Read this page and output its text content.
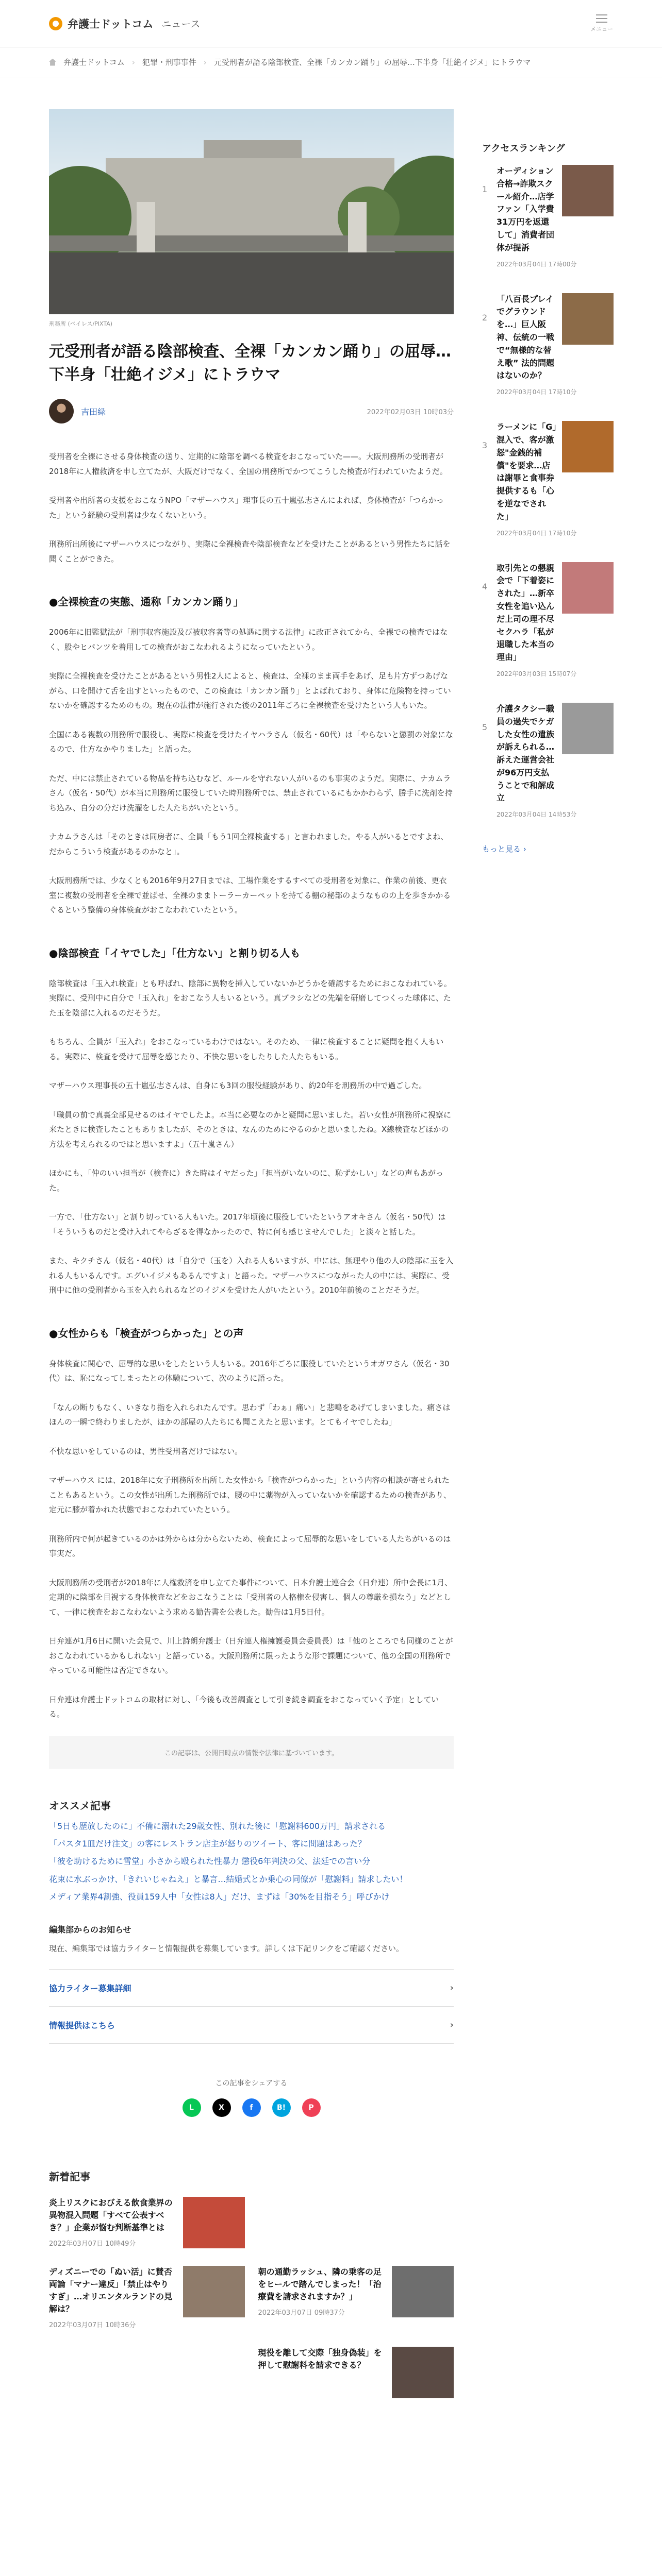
弁護士ドットコム ニュース	メニュー
弁護士ドットコム › 犯罪・刑事事件 › 元受刑者が語る陰部検査、全裸「カンカン踊り」の屈辱…下半身「壮絶イジメ」にトラウマ
刑務所 (ペイレス/PIXTA)
元受刑者が語る陰部検査、全裸「カンカン踊り」の屈辱…下半身「壮絶イジメ」にトラウマ
吉田緑	2022年02月03日 10時03分

受刑者を全裸にさせる身体検査の送り、定期的に陰部を調べる検査をおこなっていた——。大阪刑務所の受刑者が2018年に人権救済を申し立てたが、大阪だけでなく、全国の刑務所でかつてこうした検査が行われていたようだ。

受刑者や出所者の支援をおこなうNPO「マザーハウス」理事長の五十嵐弘志さんによれば、身体検査が「つらかった」という経験の受刑者は少なくないという。

刑務所出所後にマザーハウスにつながり、実際に全裸検査や陰部検査などを受けたことがあるという男性たちに話を聞くことができた。

●全裸検査の実態、通称「カンカン踊り」

2006年に旧監獄法が「刑事収容施設及び被収容者等の処遇に関する法律」に改正されてから、全裸での検査ではなく、股やヒパンツを着用しての検査がおこなわれるようになっていたという。

実際に全裸検査を受けたことがあるという男性2人によると、検査は、全裸のまま両手をあげ、足も片方ずつあげながら、口を開けて舌を出すといったもので、この検査は「カンカン踊り」とよばれており、身体に危険物を持っていないかを確認するためのもの。現在の法律が施行された後の2011年ごろに全裸検査を受けたという人もいた。

全国にある複数の刑務所で服役し、実際に検査を受けたイヤハラさん（仮名・60代）は「やらないと懲罰の対象になるので、仕方なかやりました」と語った。

ただ、中には禁止されている物品を持ち込むなど、ルールを守れない人がいるのも事実のようだ。実際に、ナカムラさん（仮名・50代）が本当に刑務所に服役していた時刑務所では、禁止されているにもかかわらず、勝手に洗剤を持ち込み、自分の分だけ洗濯をした人たちがいたという。

ナカムラさんは「そのときは同房者に、全員「もう1回全裸検査する」と言われました。やる人がいるとですよね、だからこういう検査があるのかなと」。

大阪刑務所では、少なくとも2016年9月27日までは、工場作業をするすべての受刑者を対象に、作業の前後、更衣室に複数の受刑者を全裸で並ばせ、全裸のままトーラーカーペットを持てる棚の秘部のようなものの上を歩きかかるぐるという整備の身体検査がおこなわれていたという。

●陰部検査「イヤでした」「仕方ない」と割り切る人も

陰部検査は「玉入れ検査」とも呼ばれ、陰部に異物を挿入していないかどうかを確認するためにおこなわれている。実際に、受刑中に自分で「玉入れ」をおこなう人もいるという。真ブラシなどの先端を研磨してつくった球体に、たた玉を陰部に入れるのだそうだ。

もちろん、全員が「玉入れ」をおこなっているわけではない。そのため、一律に検査することに疑問を抱く人もいる。実際に、検査を受けて屈辱を感じたり、不快な思いをしたりした人たちもいる。

マザーハウス理事長の五十嵐弘志さんは、自身にも3回の服役経験があり、約20年を刑務所の中で過ごした。

「職員の前で真裏全部見せるのはイヤでしたよ。本当に必要なのかと疑問に思いました。若い女性が刑務所に視察に来たときに検査したこともありましたが、そのときは、なんのためにやるのかと思いましたね。X線検査などほかの方法を考えられるのではと思いますよ」（五十嵐さん）

ほかにも、「仲のいい担当が（検査に）きた時はイヤだった」「担当がいないのに、恥ずかしい」などの声もあがった。

一方で、「仕方ない」と割り切っている人もいた。2017年頃後に服役していたというアオキさん（仮名・50代）は「そういうものだと受け入れてやらざるを得なかったので、特に何も感じませんでした」と淡々と話した。

また、キクチさん（仮名・40代）は「自分で（玉を）入れる人もいますが、中には、無理やり他の人の陰部に玉を入れる人もいるんです。エグいイジメもあるんですよ」と語った。マザーハウスにつながった人の中には、実際に、受刑中に他の受刑者から玉を入れられるなどのイジメを受けた人がいたという。2010年前後のことだそうだ。

●女性からも「検査がつらかった」との声

身体検査に関心で、屈辱的な思いをしたという人もいる。2016年ごろに服役していたというオガワさん（仮名・30代）は、恥になってしまったとの体験について、次のように語った。

「なんの断りもなく、いきなり指を入れられたんです。思わず「わぁ」痛い」と悲鳴をあげてしまいました。痛さはほんの一瞬で終わりましたが、ほかの部屋の人たちにも聞こえたと思います。とてもイヤでしたね」

不快な思いをしているのは、男性受刑者だけではない。

マザーハウス には、2018年に女子刑務所を出所した女性から「検査がつらかった」という内容の相談が寄せられたこともあるという。この女性が出所した刑務所では、腰の中に薬物が入っていないかを確認するための検査があり、定元に膝が着かれた状態でおこなわれていたという。

刑務所内で何が起きているのかは外からは分からないため、検査によって屈辱的な思いをしている人たちがいるのは事実だ。

大阪刑務所の受刑者が2018年に人権救済を申し立てた事件について、日本弁護士連合会（日弁連）所中会長に1月、定期的に陰部を目視する身体検査などをおこなうことは「受刑者の人格権を侵害し、個人の尊厳を損なう」などとして、一律に検査をおこなわないよう求める勧告書を公表した。勧告は1月5日付。

日弁連が1月6日に開いた会見で、川上詩朗弁護士（日弁連人権擁護委員会委員長）は「他のところでも同様のことがおこなわれているかもしれない」と語っている。大阪刑務所に限ったような形で課題について、他の全国の刑務所でやっている可能性は否定できない。

日弁連は弁護士ドットコムの取材に対し、「今後も改善調査として引き続き調査をおこなっていく予定」としている。

この記事は、公開日時点の情報や法律に基づいています。
オススメ記事
「5日も歴放したのに」不備に溺れた29歳女性、別れた後に「慰謝料600万円」請求される
「パスタ1皿だけ注文」の客にレストラン店主が怒りのツイート、客に問題はあった？
「彼を助けるために雪堂」小さから殴られた性暴力 懲役6年判決の父、法廷での言い分
花束に水ぶっかけ、「きれいじゃねえ」と暴言…結婚式とか乗心の同僚が「慰謝料」請求したい！
メディア業界4割強、役員159人中「女性は8人」だけ、まずは「30%を目指そう」呼びかけ
編集部からのお知らせ

現在、編集部では協力ライターと情報提供を募集しています。詳しくは下記リンクをご確認ください。

協力ライター募集詳細	›
情報提供はこちら	›
この記事をシェアする
L	X	f	B!	P
新着記事
炎上リスクにおびえる飲食業界の異物混入問題「すべて公表すべき？」企業が悩む判断基準とは
2022年03月07日 10時49分
ディズニーでの「ぬい活」に賛否両論「マナー違反」「禁止はやりすぎ」…オリエンタルランドの見解は？
2022年03月07日 10時36分
朝の通勤ラッシュ、隣の乗客の足をヒールで踏んでしまった！「治療費を請求されますか？」
2022年03月07日 09時37分
現役を離して交際「独身偽装」を押して慰謝料を請求できる？
アクセスランキング
1
オーディション合格→詐欺スクール紹介…店学ファン「入学費31万円を返還して」消費者団体が提訴
2022年03月04日 17時00分
2
「八百長プレイでグラウンドを…」巨人阪神、伝統の一戦で“無様的な替え歌” 法的問題はないのか？
2022年03月04日 17時10分
3
ラーメンに「G」混入で、客が激怒"金銭的補償"を要求…店は謝罪と食事券提供するも「心を逆なでされた」
2022年03月04日 17時10分
4
取引先との懇親会で「下着姿にされた」…新卒女性を追い込んだ上司の理不尽セクハラ「私が退職した本当の理由」
2022年03月03日 15時07分
5
介護タクシー職員の過失でケガした女性の遺族が訴えられる…訴えた運営会社が96万円支払うことで和解成立
2022年03月04日 14時53分
もっと見る ›
